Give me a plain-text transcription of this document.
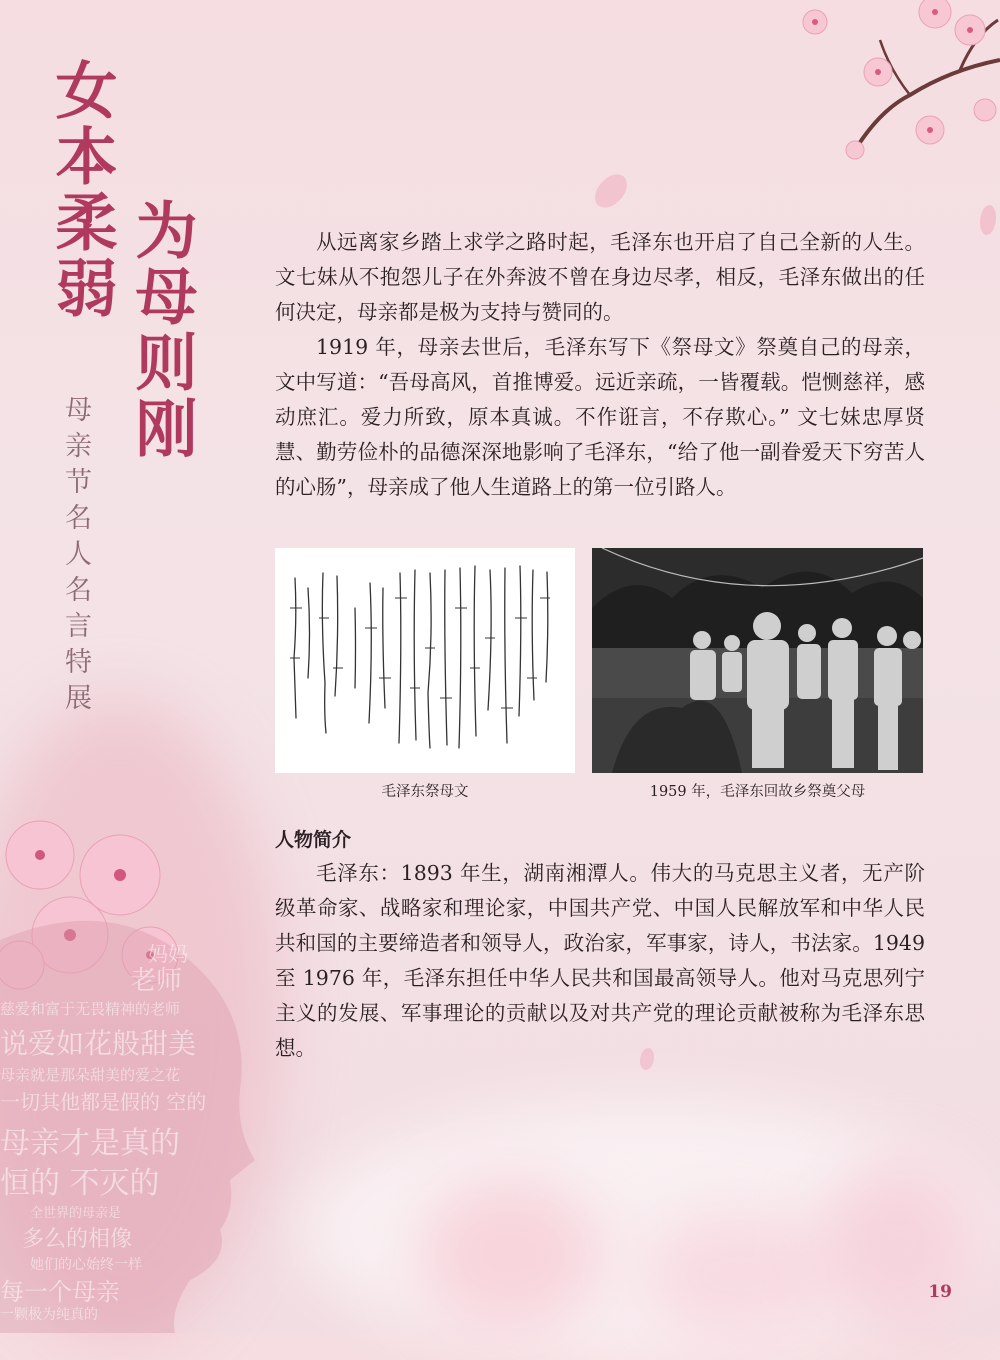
妈妈
老师
慈爱和富于无畏精神的老师
说爱如花般甜美
母亲就是那朵甜美的爱之花
一切其他都是假的 空的
母亲才是真的
恒的 不灭的
全世界的母亲是
多么的相像
她们的心始终一样
每一个母亲
一颗极为纯真的
女本柔弱
为母则刚
母亲节名人名言特展

从远离家乡踏上求学之路时起，毛泽东也开启了自己全新的人生。文七妹从不抱怨儿子在外奔波不曾在身边尽孝，相反，毛泽东做出的任何决定，母亲都是极为支持与赞同的。

1919 年，母亲去世后，毛泽东写下《祭母文》祭奠自己的母亲，文中写道：“吾母高风，首推博爱。远近亲疏，一皆覆载。恺恻慈祥，感动庶汇。爱力所致，原本真诚。不作诳言，不存欺心。” 文七妹忠厚贤慧、勤劳俭朴的品德深深地影响了毛泽东，“给了他一副眷爱天下穷苦人的心肠”，母亲成了他人生道路上的第一位引路人。

毛泽东祭母文	1959 年，毛泽东回故乡祭奠父母
人物简介

毛泽东：1893 年生，湖南湘潭人。伟大的马克思主义者，无产阶级革命家、战略家和理论家，中国共产党、中国人民解放军和中华人民共和国的主要缔造者和领导人，政治家，军事家，诗人，书法家。1949 至 1976 年，毛泽东担任中华人民共和国最高领导人。他对马克思列宁主义的发展、军事理论的贡献以及对共产党的理论贡献被称为毛泽东思想。

19
